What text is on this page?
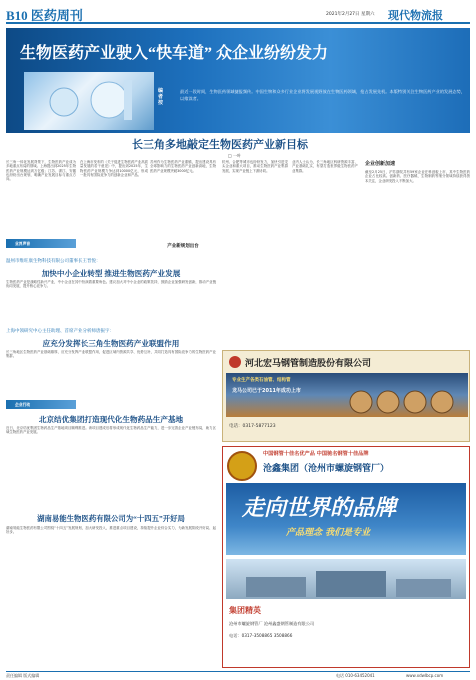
B10 医药周刊	2021年2月27日 星期六 现代物流报
生物医药产业驶入“快车道” 众企业纷纷发力
编者按
最近一段时间，生物医药领域捷报频传。中国生物和众多行业企业将发展视野放在生物医药领域，抢占发展先机。本版特别关注生物医药产业的发展态势，以飨读者。
长三角多地敲定生物医药产业新目标
□ 一叶
长三角一体化发展背景下，生物医药产业成为多地重点布局的领域。上海提出到2025年生物医药产业规模达到万亿级；江苏、浙江、安徽也纷纷出台规划，明确产业发展目标与重点方向。
在上海市发布的《关于促进生物医药产业高质量发展的若干意见》中，提出到2025年，生物医药产业规模力争达到10000亿元，形成一批具有国际竞争力的创新企业和产品。
产业新规划出台
苏州作为生物医药产业重镇，提出建设具有全球影响力的生物医药产业创新高地，生物医药产业规模突破3000亿元。
杭州、合肥等城市也纷纷发力，加快引进龙头企业和重大项目，推动生物医药产业集群发展，实现产业链上下游协同。
业内人士认为，长三角地区科研资源丰富、产业基础扎实，有望打造世界级生物医药产业集群。
企业创新加速
截至2月25日，沪苏浙皖共有59家企业在科创板上市，其中生物医药企业占比较高。创新药、医疗器械、生物制药等细分领域持续获得资本关注，企业研发投入不断加大。
业界声音
温州市维旺康生物科技有限公司董事长王晋悦：
加快中小企业转型 推进生物医药产业发展
生物医药产业是战略性新兴产业，中小企业在其中扮演着重要角色。建议加大对中小企业的政策扶持，鼓励企业加强研发创新，推动产业链协同发展，提升核心竞争力。
上海中领研究中心主任助理、首席产业分析师唐振宇：
应充分发挥长三角生物医药产业联盟作用
长三角地区生物医药产业基础雄厚，应充分发挥产业联盟作用，促进区域内资源共享、优势互补，共同打造具有国际竞争力的生物医药产业集群。
企业行动
北京结优集团打造现代化生物药品生产基地
近日，北京结优集团生物药品生产基地项目顺利推进。该项目建成后将形成现代化生物药品生产能力，进一步完善企业产业链布局，助力区域生物医药产业发展。
湖南易能生物医药有限公司为“十四五”开好局
湖南易能生物医药有限公司围绕“十四五”发展规划，加大研发投入，推进重点项目建设，持续提升企业综合实力，为新发展阶段开好局、起好步。
河北宏马钢管制造股份有限公司
专业生产各类石油管、结构管
龙马公司已于2011年成功上市
电话：0317-5877123
中国钢管十佳名优产品 中国驰名钢管十佳品牌
沧鑫集团（沧州市螺旋钢管厂）
走向世界的品牌
产品理念 我们是专业
集团精英
沧州市螺旋钢管厂 沧州鑫盛钢管制造有限公司
电话：0317-3508865 3508866
责任编辑 版式编辑	电话 010-63452041	www.xdwlbcp.com
